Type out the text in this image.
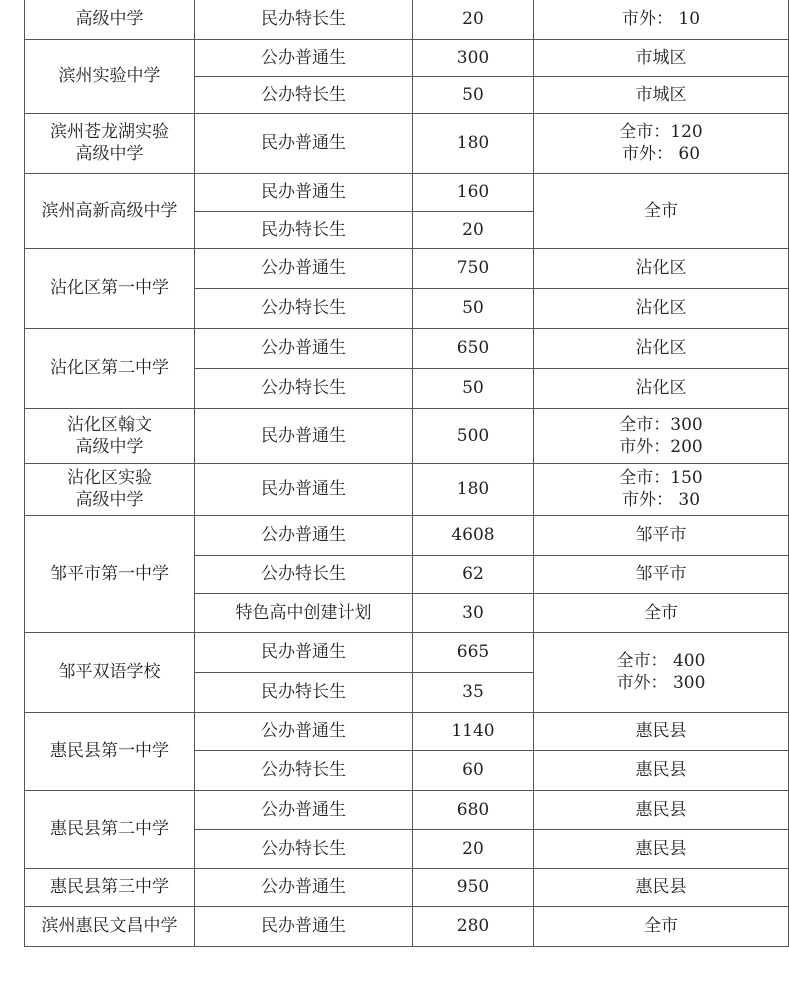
高级中学	民办特长生	20	市外： 10

滨州实验中学	公办普通生	300	市城区

	公办特长生	50	市城区

滨州苍龙湖实验
高级中学	民办普通生	180	全市：120
市外： 60

滨州高新高级中学	民办普通生	160	全市

	民办特长生	20	

沾化区第一中学	公办普通生	750	沾化区

	公办特长生	50	沾化区

沾化区第二中学	公办普通生	650	沾化区

	公办特长生	50	沾化区

沾化区翰文
高级中学	民办普通生	500	全市：300
市外：200

沾化区实验
高级中学	民办普通生	180	全市：150
市外： 30

邹平市第一中学	公办普通生	4608	邹平市

	公办特长生	62	邹平市

	特色高中创建计划	30	全市

邹平双语学校	民办普通生	665	全市： 400
市外： 300

	民办特长生	35	

惠民县第一中学	公办普通生	1140	惠民县

	公办特长生	60	惠民县

惠民县第二中学	公办普通生	680	惠民县

	公办特长生	20	惠民县

惠民县第三中学	公办普通生	950	惠民县

滨州惠民文昌中学	民办普通生	280	全市
